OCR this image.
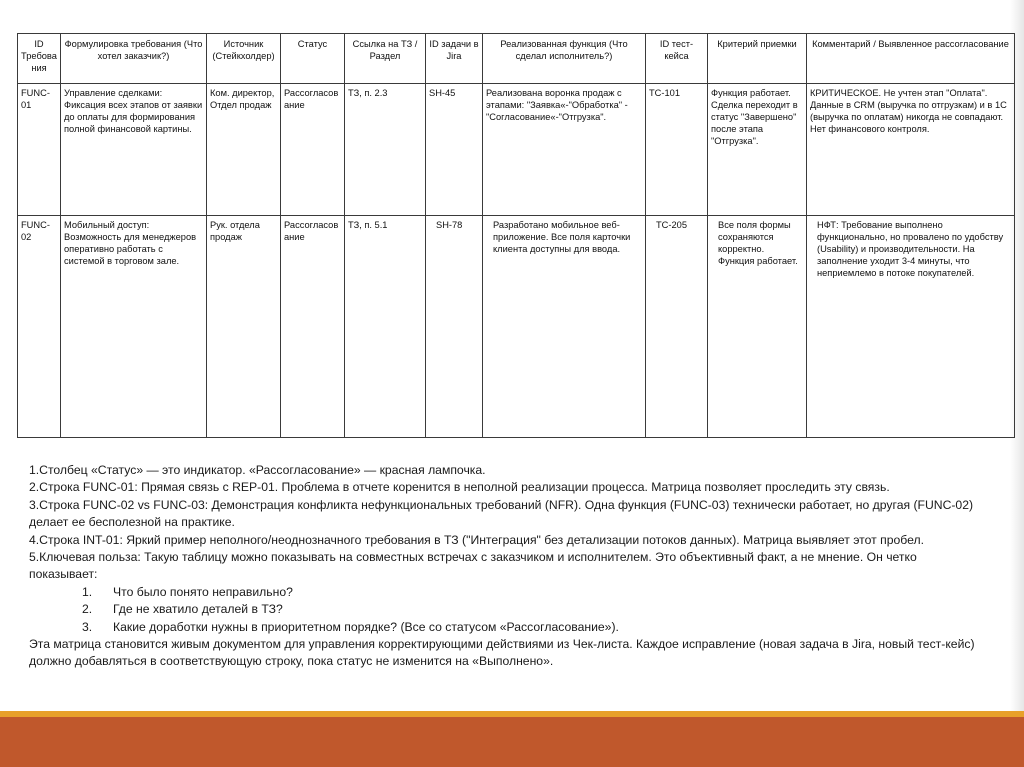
ID Требования	Формулировка требования (Что хотел заказчик?)	Источник (Стейкхолдер)	Статус	Ссылка на ТЗ / Раздел	ID задачи в Jira	Реализованная функция (Что сделал исполнитель?)	ID тест-кейса	Критерий приемки	Комментарий / Выявленное рассогласование
FUNC-01	Управление сделками: Фиксация всех этапов от заявки до оплаты для формирования полной финансовой картины.	Ком. директор, Отдел продаж	Рассогласование	ТЗ, п. 2.3	SH-45	Реализована воронка продаж с этапами: "Заявка«-"Обработка" - "Согласование«-"Отгрузка".	TC-101	Функция работает. Сделка переходит в статус "Завершено" после этапа "Отгрузка".	КРИТИЧЕСКОЕ. Не учтен этап "Оплата". Данные в CRM (выручка по отгрузкам) и в 1С (выручка по оплатам) никогда не совпадают. Нет финансового контроля.
FUNC-02	Мобильный доступ: Возможность для менеджеров оперативно работать с системой в торговом зале.	Рук. отдела продаж	Рассогласование	ТЗ, п. 5.1	SH-78	Разработано мобильное веб-приложение. Все поля карточки клиента доступны для ввода.	TC-205	Все поля формы сохраняются корректно. Функция работает.	НФТ: Требование выполнено функционально, но провалено по удобству (Usability) и производительности. На заполнение уходит 3-4 минуты, что неприемлемо в потоке покупателей.

1.Столбец «Статус» — это индикатор. «Рассогласование» — красная лампочка.

2.Строка FUNC-01: Прямая связь с REP-01. Проблема в отчете коренится в неполной реализации процесса. Матрица позволяет проследить эту связь.

3.Строка FUNC-02 vs FUNC-03: Демонстрация конфликта нефункциональных требований (NFR). Одна функция (FUNC-03) технически работает, но другая (FUNC-02) делает ее бесполезной на практике.

4.Строка INT-01: Яркий пример неполного/неоднозначного требования в ТЗ ("Интеграция" без детализации потоков данных). Матрица выявляет этот пробел.

5.Ключевая польза: Такую таблицу можно показывать на совместных встречах с заказчиком и исполнителем. Это объективный факт, а не мнение. Он четко показывает:

1. Что было понято неправильно?
2. Где не хватило деталей в ТЗ?
3. Какие доработки нужны в приоритетном порядке? (Все со статусом «Рассогласование»).

Эта матрица становится живым документом для управления корректирующими действиями из Чек-листа. Каждое исправление (новая задача в Jira, новый тест-кейс) должно добавляться в соответствующую строку, пока статус не изменится на «Выполнено».
